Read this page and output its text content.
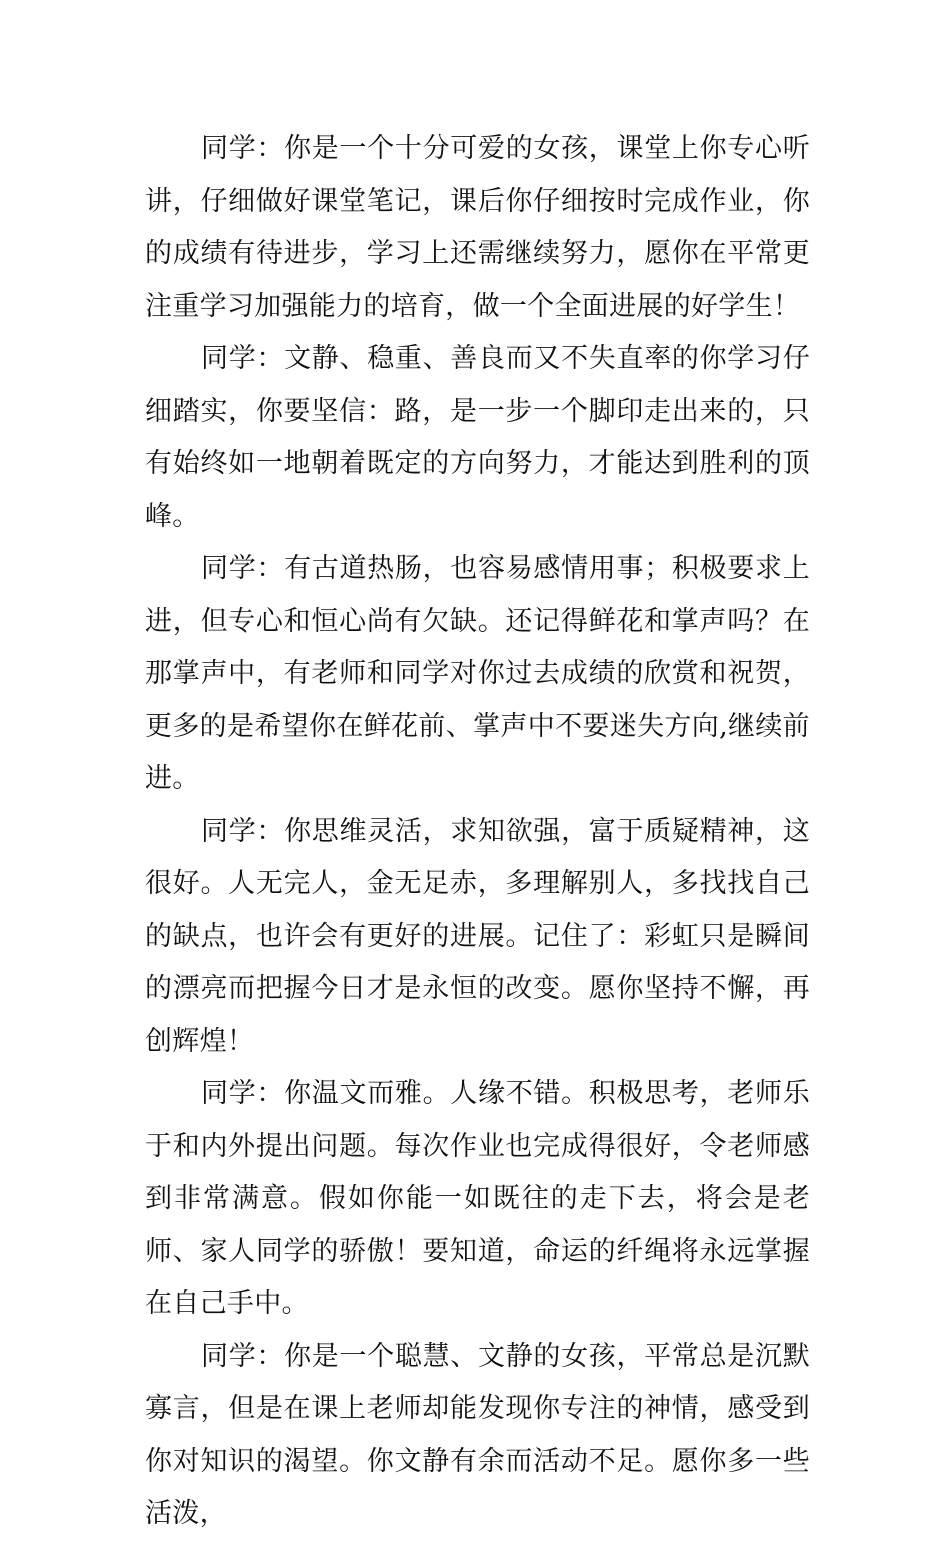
同学：你是一个十分可爱的女孩，课堂上你专心听讲，仔细做好课堂笔记，课后你仔细按时完成作业，你的成绩有待进步，学习上还需继续努力，愿你在平常更注重学习加强能力的培育，做一个全面进展的好学生！

同学：文静、稳重、善良而又不失直率的你学习仔细踏实，你要坚信：路，是一步一个脚印走出来的，只有始终如一地朝着既定的方向努力，才能达到胜利的顶峰。

同学：有古道热肠，也容易感情用事；积极要求上进，但专心和恒心尚有欠缺。还记得鲜花和掌声吗？在那掌声中，有老师和同学对你过去成绩的欣赏和祝贺，更多的是希望你在鲜花前、掌声中不要迷失方向,继续前进。

同学：你思维灵活，求知欲强，富于质疑精神，这很好。人无完人，金无足赤，多理解别人，多找找自己的缺点，也许会有更好的进展。记住了：彩虹只是瞬间的漂亮而把握今日才是永恒的改变。愿你坚持不懈，再创辉煌！

同学：你温文而雅。人缘不错。积极思考，老师乐于和内外提出问题。每次作业也完成得很好，令老师感到非常满意。假如你能一如既往的走下去，将会是老师、家人同学的骄傲！要知道，命运的纤绳将永远掌握在自己手中。

同学：你是一个聪慧、文静的女孩，平常总是沉默寡言，但是在课上老师却能发现你专注的神情，感受到你对知识的渴望。你文静有余而活动不足。愿你多一些活泼，
